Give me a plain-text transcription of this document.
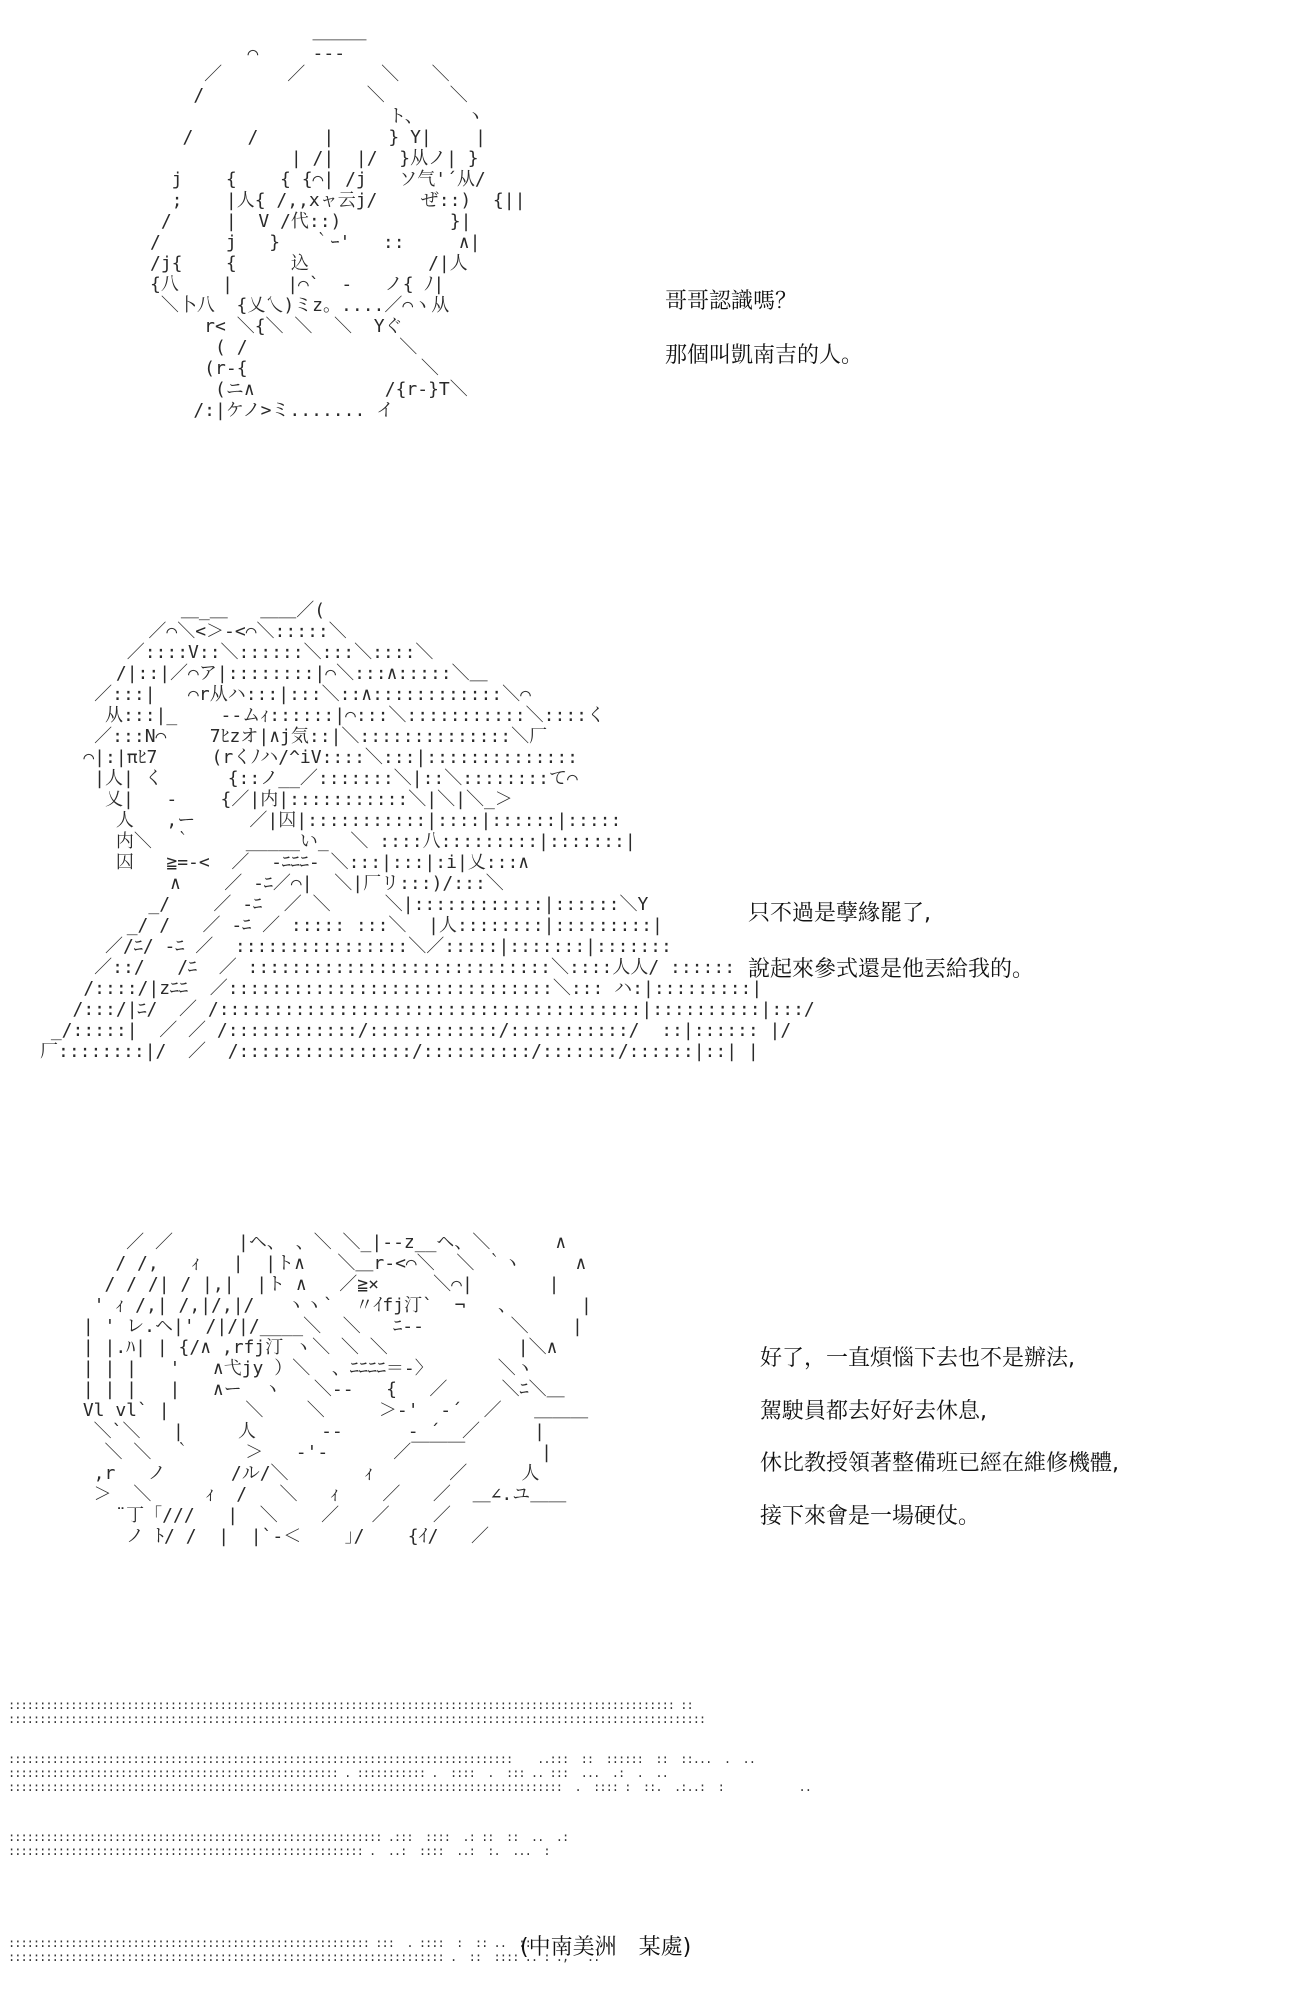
＿＿＿
⌒     ‐‐-
／      ／       ＼   ＼
/               ＼      ＼
ト、    ヽ
/     /      |     } Y|    |
| /|  |/  }从ノ| }
j    {    { {⌒| /j   ソ气'´从/
;    |人{ /,,xャ云j/    ぜ::)  {||
/     |  V /代::)          }|
/      j   }   ｀ｰ'   ::     ∧|
/j{    {     込           /|人
{八    |     |⌒`  ‐   ノ{ ﾉ|
＼卜八  {乂乀)ミz。....／⌒ヽ从
r< ＼{＼ ＼  ＼  Yぐ
( /              ＼
(r-{                ＼
(ニ∧            /{r-}T＼
/:|ケノ>ミ....... イ

哥哥認識嗎？

那個叫凱南吉的人。

＿_＿   ＿＿／(
／⌒＼<＞‐<⌒＼:::::＼
／::::V::＼::::::＼:::＼::::＼
/|::|／⌒ア|::::::::|⌒＼:::∧:::::＼＿
／:::|   ⌒r从ハ:::|:::＼::∧::::::::::::＼⌒
从:::|_    -‐ムｨ::::::|⌒:::＼:::::::::::＼::::く
／:::N⌒    7ﾋzオ|∧j気::|＼::::::::::::::＼厂
⌒|:|πﾋ7     (rくﾉハ/^iV::::＼:::|::::::::::::::
|人| く      {::ノ__／:::::::＼|::＼::::::::て⌒
乂|   ‐    {／|内|:::::::::::＼|＼|＼_＞
人   ,ー     ／|囚|:::::::::::|::::|::::::|:::::
内＼  ｀     _____い_  ＼ ::::八:::::::::|:::::::|
囚   ≧=-<  ／  -ﾆﾆﾆ- ＼:::|:::|:i|乂:::∧
∧    ／ -ﾆ／⌒|  ＼|厂リ:::)/:::＼
_/    ／ -ﾆ  ／ ＼     ＼|::::::::::::|::::::＼Y
_/ /   ／ -ﾆ ／ ::::: :::＼  |人::::::::|:::::::::|
／/ﾆ/ -ﾆ ／  ::::::::::::::::＼／:::::|:::::::|:::::::
／::/   /ﾆ  ／ ::::::::::::::::::::::::::::＼::::人人/ ::::::
/::::/|zﾆﾆ  ／::::::::::::::::::::::::::::::＼::: ハ:|:::::::::|
/:::/|ﾆ/  ／ /:::::::::::::::::::::::::::::::::::::::|::::::::::|:::/
_/:::::|  ／ ／ /::::::::::::/::::::::::::/:::::::::::/  ::|:::::: |/
厂::::::::|/  ／  /::::::::::::::::/::::::::::/:::::::/::::::|::| |

只不過是孽緣罷了,

說起來參式還是他丟給我的。

／ ／      |ヘ、 、＼ ＼_|‐‐z__ヘ、＼      ∧
/ /,   ｨ   |  |ト∧   ＼＿r‐<⌒＼  ＼ ｀ヽ     ∧
/ / /| / |,|  |ト ∧   ／≧×     ＼⌒|       |
' ｨ /,| /,|/,|/   ヽヽ`  〃ｲfj汀`  ¬   、      |
| ' レ.ヘ|' /|/|/____＼  ＼   ﾆ‐-        ＼    |
| |.ﾊ| | {/∧ ,rfj汀 ヽ＼ ＼ ＼            |＼∧
| | |   '   ∧弋jy ）＼  、ﾆﾆﾆﾆ＝‐〉      ＼ヽ
| | |   |   ∧ー  ヽ   ＼‐-   {   ／     ＼ﾆ＼＿
Vl vl` |       ＼    ＼     ＞‐'  ‐´  ／   ＿＿＿
＼`＼   |     人      -‐      ‐ ´  ／     |
＼ ＼  ｀     ＞   ‐'‐      ／￣￣￣       |
,r   ノ      /ル/＼       ｨ       ／     人
＞  ＼     ｨ  /   ＼   ｨ    ／   ／  ＿∠.ユ＿＿
¨丁「///   |  ＼    ／   ／    ／
ノ ﾄ/ /  |  |`‐＜    ｣/    {ｲ/   ／

好了，一直煩惱下去也不是辦法,

駕駛員都去好好去休息,

休比教授領著整備班已經在維修機體,

接下來會是一場硬仗。

::::::::::::::::::::::::::::::::::::::::::::::::::::::::::::::::::::::::::::::::::::::::::::::::::::::::::: ::
::::::::::::::::::::::::::::::::::::::::::::::::::::::::::::::::::::::::::::::::::::::::::::::::::::::::::::::::
:::::::::::::::::::::::::::::::::::::::::::::::::::::::::::::::::::::::::::::::::    ..:::  ::  ::::::  ::  ::...  .  ..
::::::::::::::::::::::::::::::::::::::::::::::::::::: . ::::::::::: .  ::::  .  ::: .. :::  ...  .:  .  ..
:::::::::::::::::::::::::::::::::::::::::::::::::::::::::::::::::::::::::::::::::::::::::  .  :::: :  ::.  .:..:  :            ..
:::::::::::::::::::::::::::::::::::::::::::::::::::::::::::: .:::  ::::  .: ::  ::  ..  .:
::::::::::::::::::::::::::::::::::::::::::::::::::::::::: .  ..:  ::::  ..:  :.  ...  :
:::::::::::::::::::::::::::::::::::::::::::::::::::::::::: :::  . ::::  :  :: ..  ::
:::::::::::::::::::::::::::::::::::::::::::::::::::::::::::::::::::::: .  ::  :::: .. : .,   ..
(中南美洲　某處)
